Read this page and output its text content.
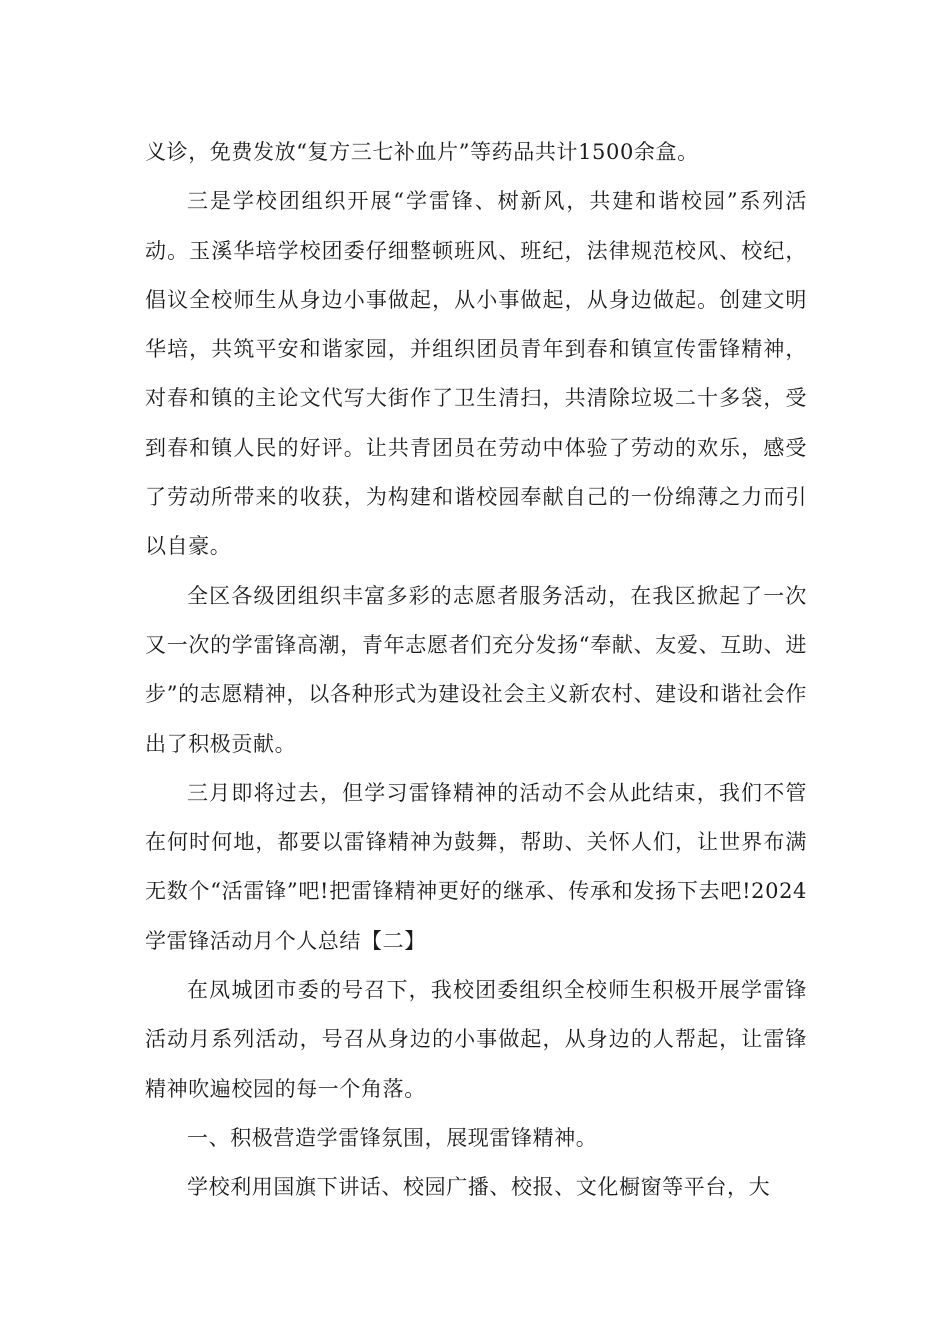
义诊，免费发放“复方三七补血片”等药品共计1500余盒。

三是学校团组织开展“学雷锋、树新风，共建和谐校园”系列活动。玉溪华培学校团委仔细整顿班风、班纪，法律规范校风、校纪，倡议全校师生从身边小事做起，从小事做起，从身边做起。创建文明华培，共筑平安和谐家园，并组织团员青年到春和镇宣传雷锋精神，对春和镇的主论文代写大街作了卫生清扫，共清除垃圾二十多袋，受到春和镇人民的好评。让共青团员在劳动中体验了劳动的欢乐，感受了劳动所带来的收获，为构建和谐校园奉献自己的一份绵薄之力而引以自豪。

全区各级团组织丰富多彩的志愿者服务活动，在我区掀起了一次又一次的学雷锋高潮，青年志愿者们充分发扬“奉献、友爱、互助、进步”的志愿精神，以各种形式为建设社会主义新农村、建设和谐社会作出了积极贡献。

三月即将过去，但学习雷锋精神的活动不会从此结束，我们不管在何时何地，都要以雷锋精神为鼓舞，帮助、关怀人们，让世界布满无数个“活雷锋”吧!把雷锋精神更好的继承、传承和发扬下去吧!2024学雷锋活动月个人总结【二】

在凤城团市委的号召下，我校团委组织全校师生积极开展学雷锋活动月系列活动，号召从身边的小事做起，从身边的人帮起，让雷锋精神吹遍校园的每一个角落。

一、积极营造学雷锋氛围，展现雷锋精神。

学校利用国旗下讲话、校园广播、校报、文化橱窗等平台，大
